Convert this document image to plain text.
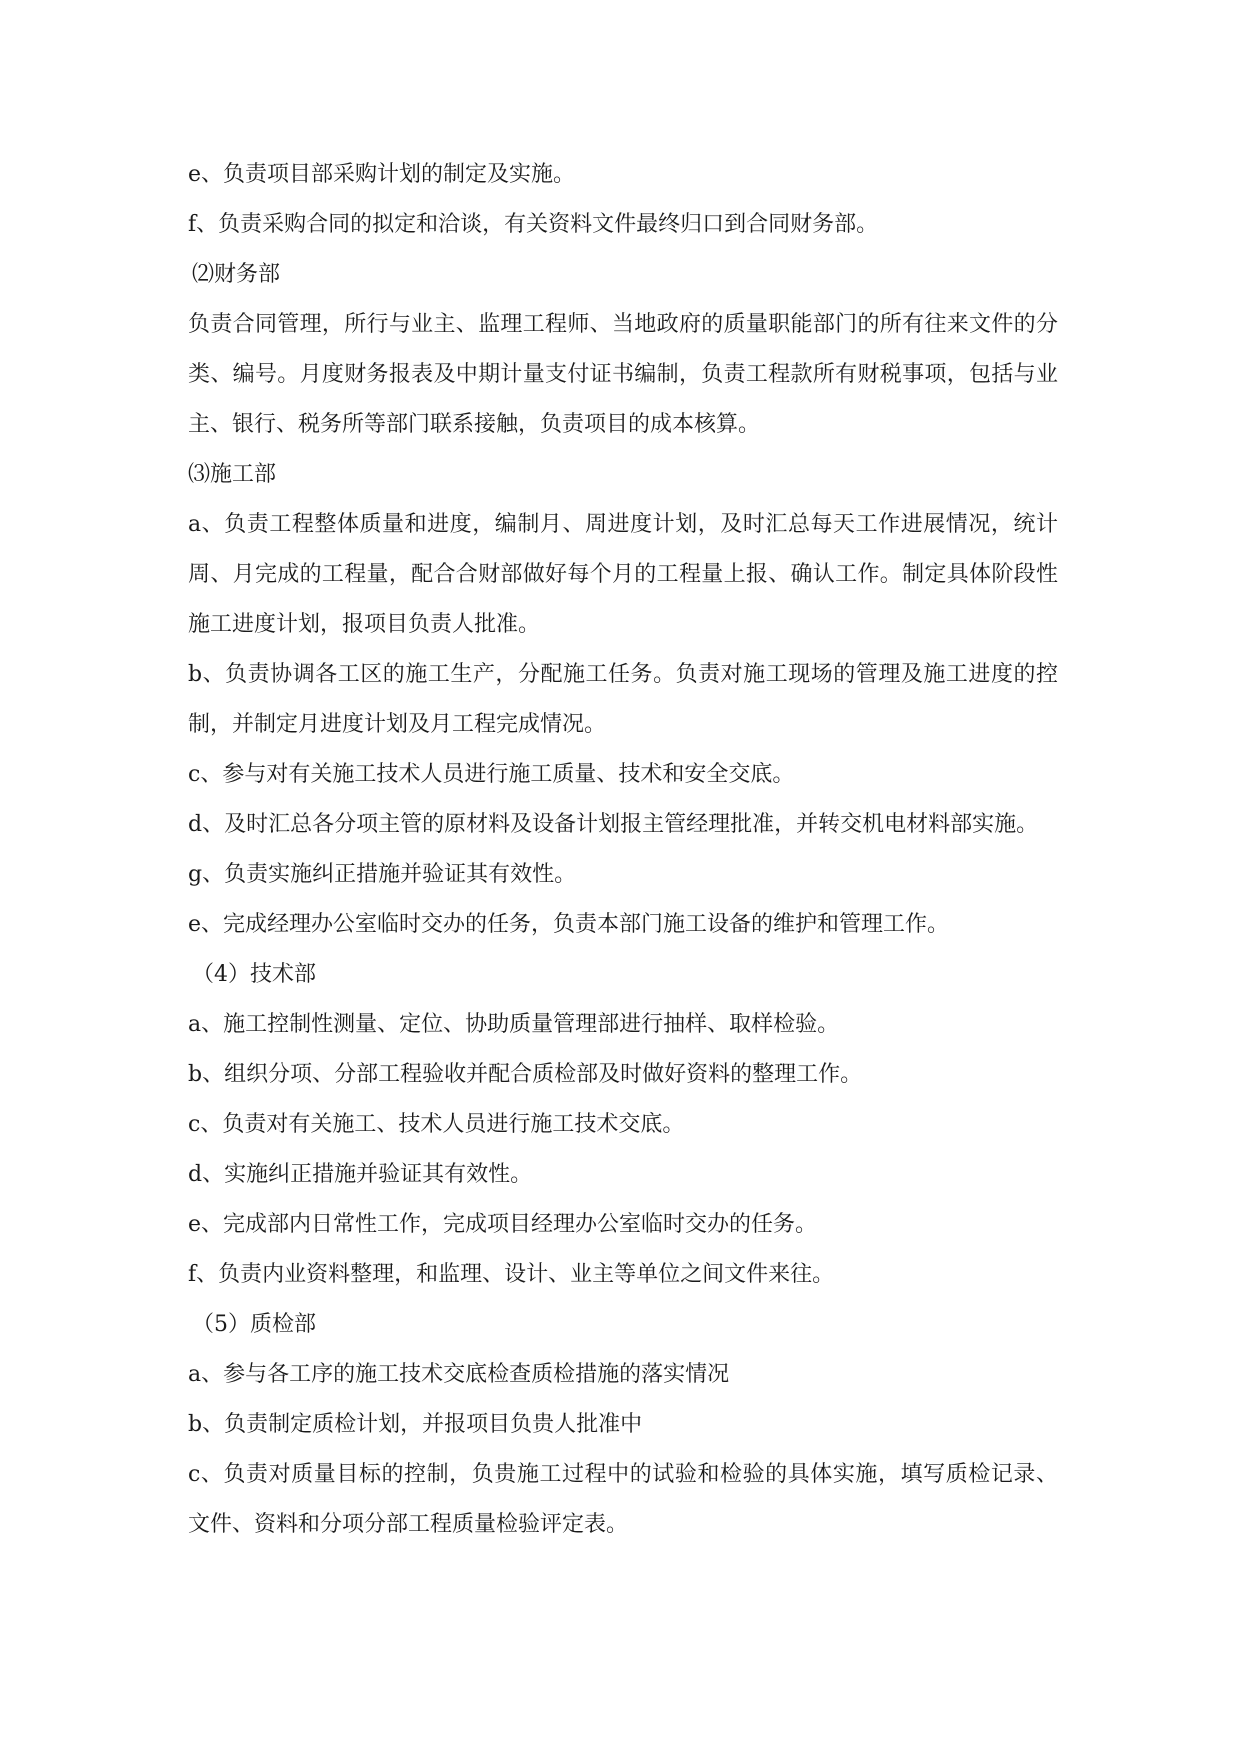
e、负责项目部采购计划的制定及实施。

f、负责采购合同的拟定和洽谈，有关资料文件最终归口到合同财务部。

⑵财务部

负责合同管理，所行与业主、监理工程师、当地政府的质量职能部门的所有往来文件的分类、编号。月度财务报表及中期计量支付证书编制，负责工程款所有财税事项，包括与业主、银行、税务所等部门联系接触，负责项目的成本核算。

⑶施工部

a、负责工程整体质量和进度，编制月、周进度计划，及时汇总每天工作进展情况，统计周、月完成的工程量，配合合财部做好每个月的工程量上报、确认工作。制定具体阶段性施工进度计划，报项目负责人批准。

b、负责协调各工区的施工生产，分配施工任务。负责对施工现场的管理及施工进度的控制，并制定月进度计划及月工程完成情况。

c、参与对有关施工技术人员进行施工质量、技术和安全交底。

d、及时汇总各分项主管的原材料及设备计划报主管经理批准，并转交机电材料部实施。

g、负责实施纠正措施并验证其有效性。

e、完成经理办公室临时交办的任务，负责本部门施工设备的维护和管理工作。

（4）技术部

a、施工控制性测量、定位、协助质量管理部进行抽样、取样检验。

b、组织分项、分部工程验收并配合质检部及时做好资料的整理工作。

c、负责对有关施工、技术人员进行施工技术交底。

d、实施纠正措施并验证其有效性。

e、完成部内日常性工作，完成项目经理办公室临时交办的任务。

f、负责内业资料整理，和监理、设计、业主等单位之间文件来往。

（5）质检部

a、参与各工序的施工技术交底检查质检措施的落实情况

b、负责制定质检计划，并报项目负贵人批准中

c、负责对质量目标的控制，负贵施工过程中的试验和检验的具体实施，填写质检记录、文件、资料和分项分部工程质量检验评定表。
